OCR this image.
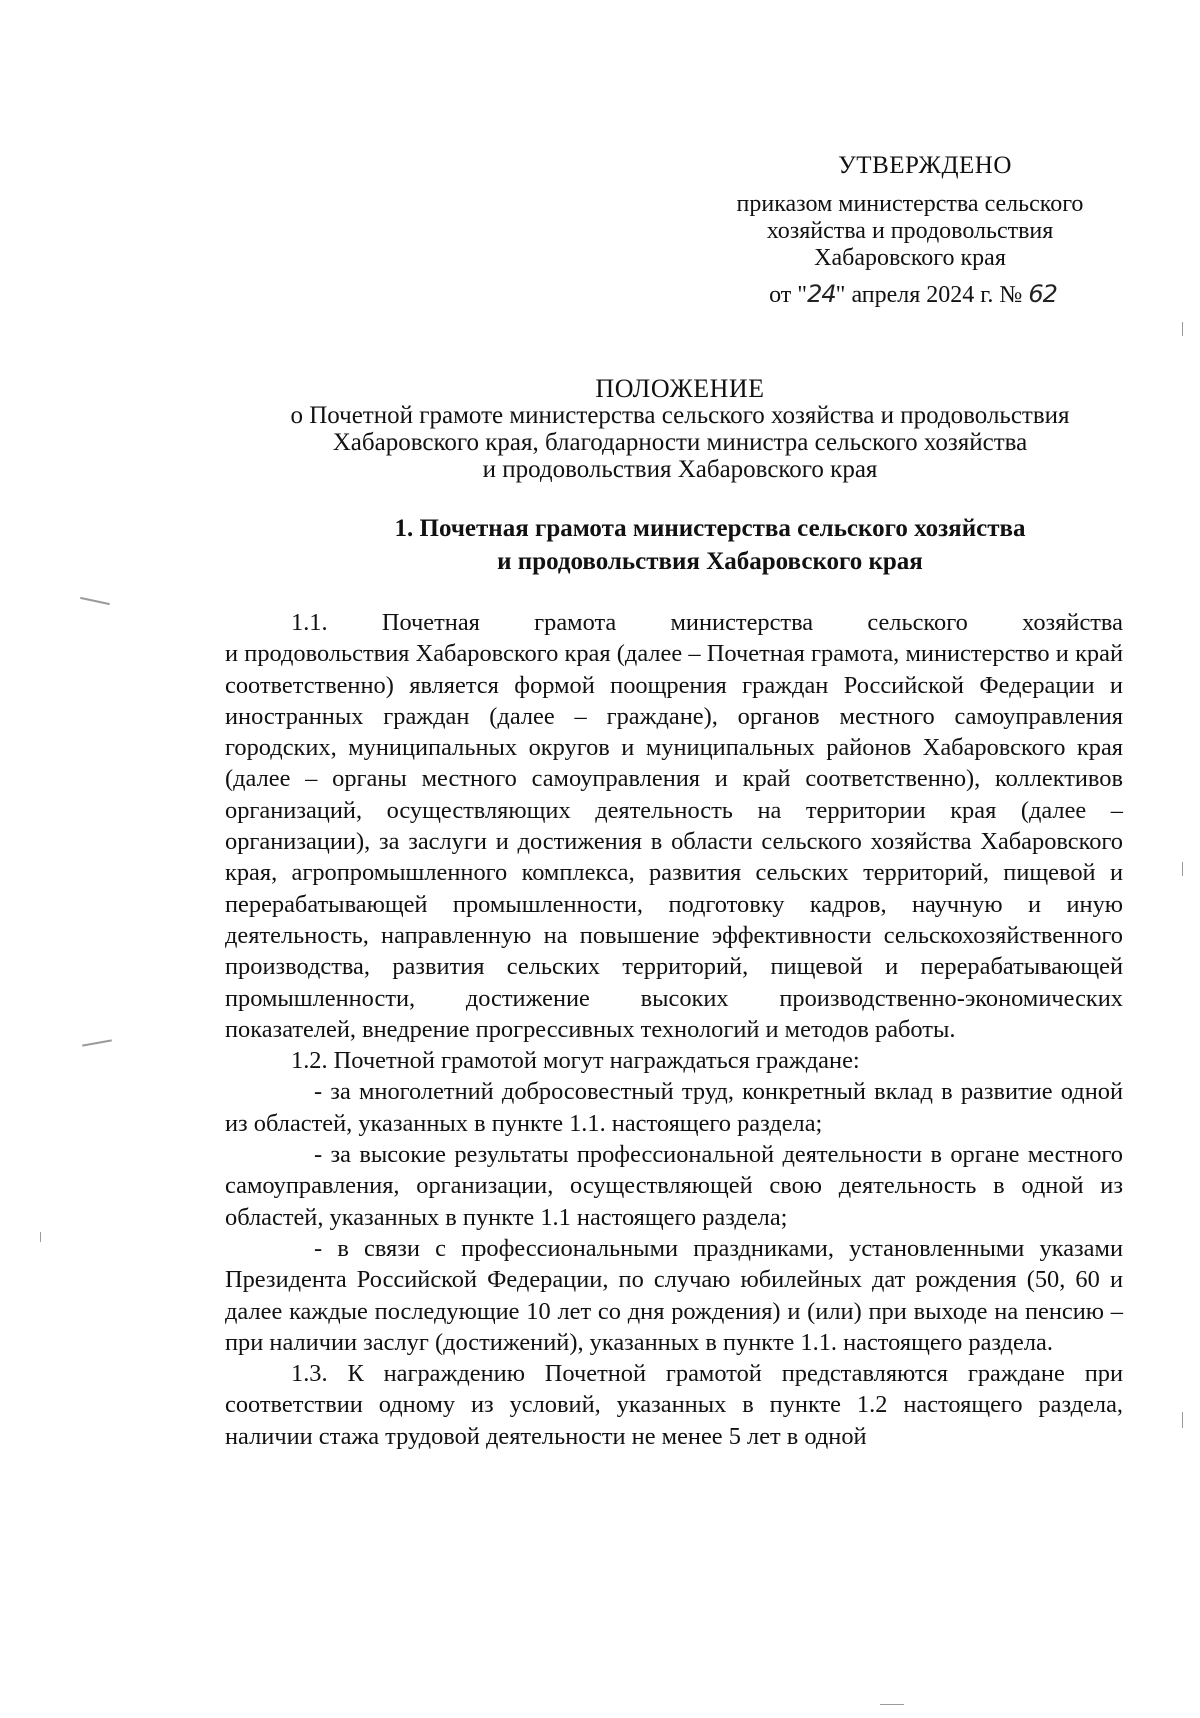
УТВЕРЖДЕНО
приказом министерства сельского
хозяйства и продовольствия
Хабаровского края
от "24" апреля 2024 г. № 62
ПОЛОЖЕНИЕ
о Почетной грамоте министерства сельского хозяйства и продовольствия
Хабаровского края, благодарности министра сельского хозяйства
и продовольствия Хабаровского края
1. Почетная грамота министерства сельского хозяйства
и продовольствия Хабаровского края
1.1. Почетная грамота министерства сельского хозяйства

и продовольствия Хабаровского края (далее – Почетная грамота, министерство и край соответственно) является формой поощрения граждан Российской Федерации и иностранных граждан (далее – граждане), органов местного самоуправления городских, муниципальных округов и муниципальных районов Хабаровского края (далее – органы местного самоуправления и край соответственно), коллективов организаций, осуществляющих деятельность на территории края (далее – организации), за заслуги и достижения в области сельского хозяйства Хабаровского края, агропромышленного комплекса, развития сельских территорий, пищевой и перерабатывающей промышленности, подготовку кадров, научную и иную деятельность, направленную на повышение эффективности сельскохозяйственного производства, развития сельских территорий, пищевой и перерабатывающей промышленности, достижение высоких производственно-экономических показателей, внедрение прогрессивных технологий и методов работы.

1.2. Почетной грамотой могут награждаться граждане:

- за многолетний добросовестный труд, конкретный вклад в развитие одной из областей, указанных в пункте 1.1. настоящего раздела;

- за высокие результаты профессиональной деятельности в органе местного самоуправления, организации, осуществляющей свою деятельность в одной из областей, указанных в пункте 1.1 настоящего раздела;

- в связи с профессиональными праздниками, установленными указами Президента Российской Федерации, по случаю юбилейных дат рождения (50, 60 и далее каждые последующие 10 лет со дня рождения) и (или) при выходе на пенсию – при наличии заслуг (достижений), указанных в пункте 1.1. настоящего раздела.

1.3. К награждению Почетной грамотой представляются граждане при соответствии одному из условий, указанных в пункте 1.2 настоящего раздела, наличии стажа трудовой деятельности не менее 5 лет в одной
